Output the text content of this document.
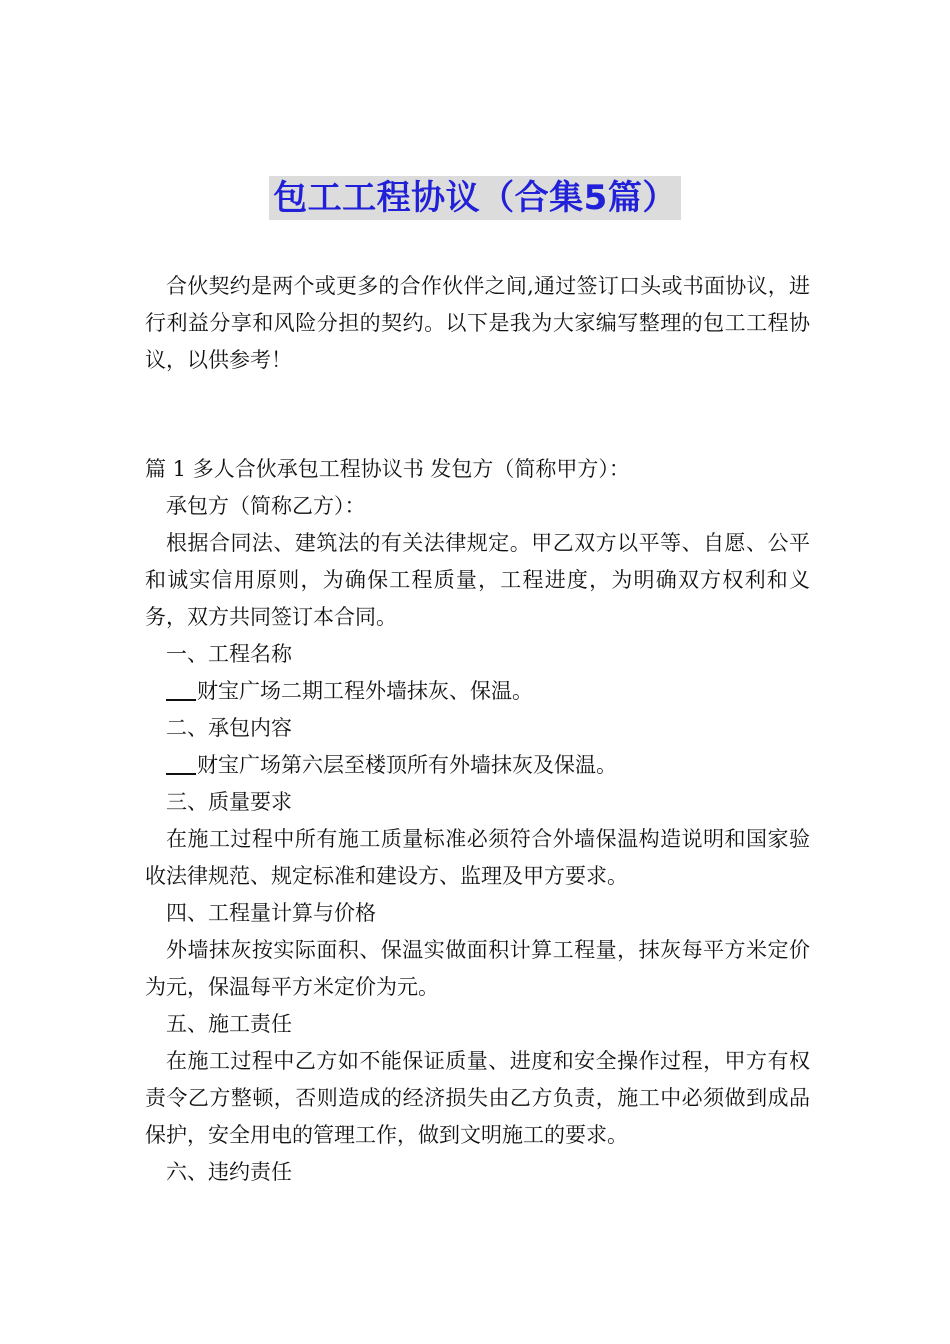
包工工程协议（合集5篇）

合伙契约是两个或更多的合作伙伴之间,通过签订口头或书面协议，进行利益分享和风险分担的契约。以下是我为大家编写整理的包工工程协议，以供参考！

篇 1 多人合伙承包工程协议书 发包方（简称甲方）：

承包方（简称乙方）：

根据合同法、建筑法的有关法律规定。甲乙双方以平等、自愿、公平和诚实信用原则，为确保工程质量，工程进度，为明确双方权利和义务，双方共同签订本合同。

一、工程名称

财宝广场二期工程外墙抹灰、保温。

二、承包内容

财宝广场第六层至楼顶所有外墙抹灰及保温。

三、质量要求

在施工过程中所有施工质量标准必须符合外墙保温构造说明和国家验收法律规范、规定标准和建设方、监理及甲方要求。

四、工程量计算与价格

外墙抹灰按实际面积、保温实做面积计算工程量，抹灰每平方米定价为元，保温每平方米定价为元。

五、施工责任

在施工过程中乙方如不能保证质量、进度和安全操作过程，甲方有权责令乙方整顿，否则造成的经济损失由乙方负责，施工中必须做到成品保护，安全用电的管理工作，做到文明施工的要求。

六、违约责任
